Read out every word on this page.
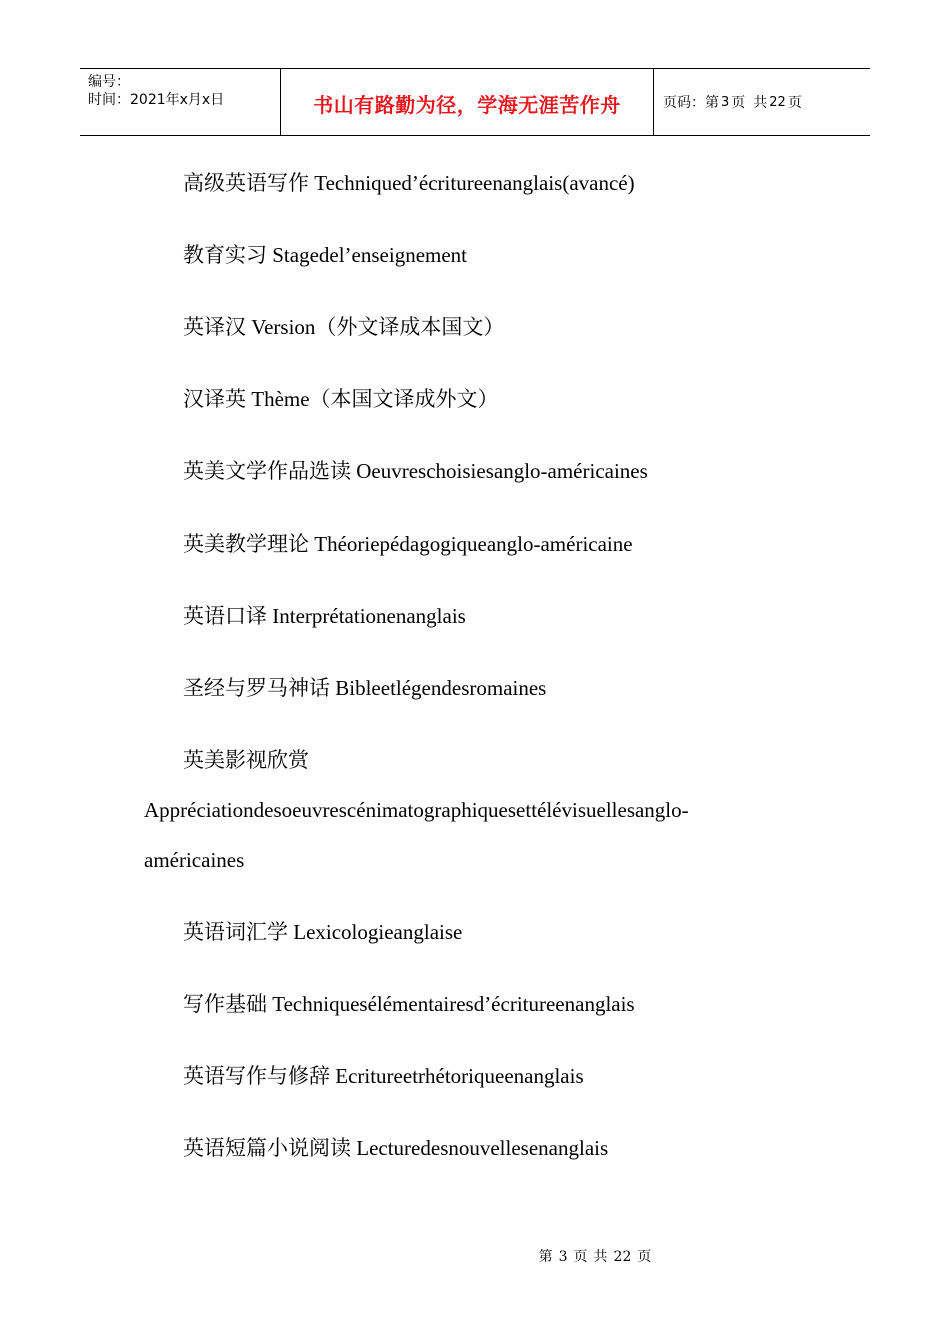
编号：
时间：2021年x月x日	书山有路勤为径，学海无涯苦作舟	页码：第 3 页 共 22 页
高级英语写作 Techniqued’écritureenanglais(avancé)
教育实习 Stagedel’enseignement
英译汉 Version（外文译成本国文）
汉译英 Thème（本国文译成外文）
英美文学作品选读 Oeuvreschoisiesanglo-américaines
英美教学理论 Théoriepédagogiqueanglo-américaine
英语口译 Interprétationenanglais
圣经与罗马神话 Bibleetlégendesromaines
英美影视欣赏
Appréciationdesoeuvrescénimatographiquesettélévisuellesanglo-
américaines
英语词汇学 Lexicologieanglaise
写作基础 Techniquesélémentairesd’écritureenanglais
英语写作与修辞 Ecritureetrhétoriqueenanglais
英语短篇小说阅读 Lecturedesnouvellesenanglais
第 3 页 共 22 页
